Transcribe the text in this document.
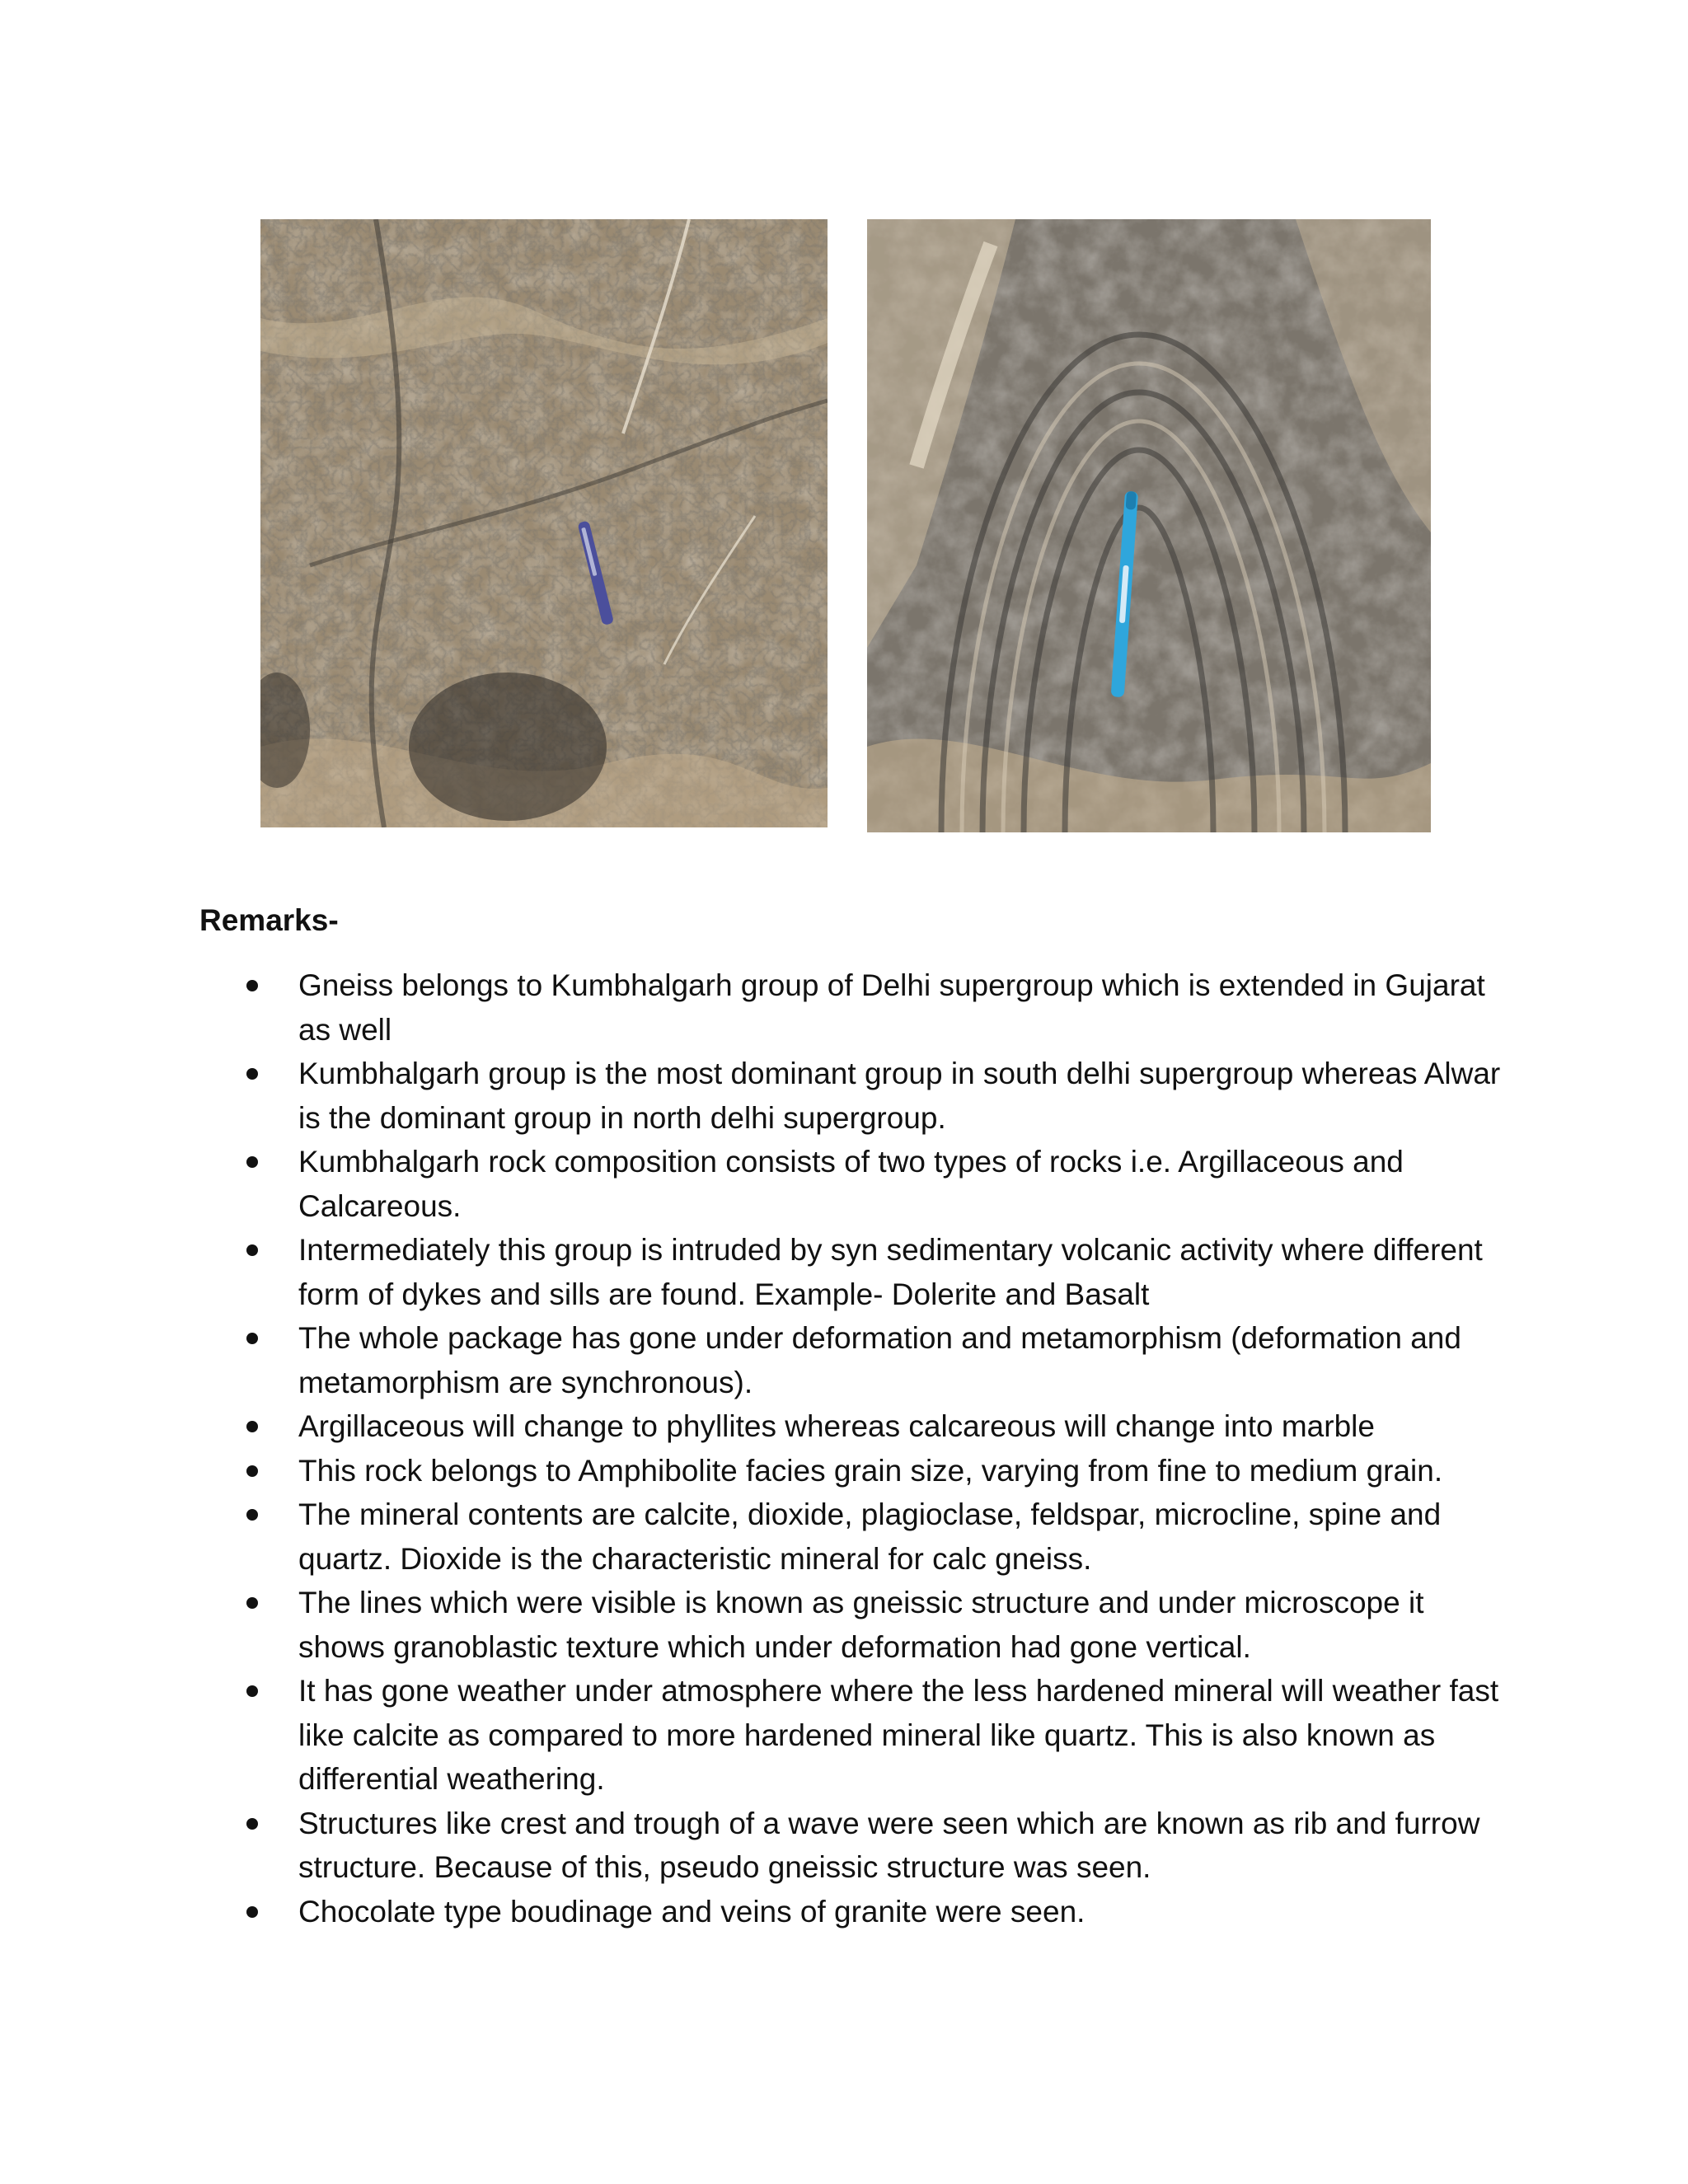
Remarks-
Gneiss belongs to Kumbhalgarh group of Delhi supergroup which is extended in Gujarat as well
Kumbhalgarh group is the most dominant group in south delhi supergroup whereas Alwar is the dominant group in north delhi supergroup.
Kumbhalgarh rock composition consists of two types of rocks i.e. Argillaceous and Calcareous.
Intermediately this group is intruded by syn sedimentary volcanic activity where different form of dykes and sills are found. Example- Dolerite and Basalt
The whole package has gone under deformation and metamorphism (deformation and metamorphism are synchronous).
Argillaceous will change to phyllites whereas calcareous will change into marble
This rock belongs to Amphibolite facies grain size, varying from fine to medium grain.
The mineral contents are calcite, dioxide, plagioclase, feldspar, microcline, spine and quartz. Dioxide is the characteristic mineral for calc gneiss.
The lines which were visible is known as gneissic structure and under microscope it shows granoblastic texture which under deformation had gone vertical.
It has gone weather under atmosphere where the less hardened mineral will weather fast like calcite as compared to more hardened mineral like quartz. This is also known as differential weathering.
Structures like crest and trough of a wave were seen which are known as rib and furrow structure. Because of this, pseudo gneissic structure was seen.
Chocolate type boudinage and veins of granite were seen.
